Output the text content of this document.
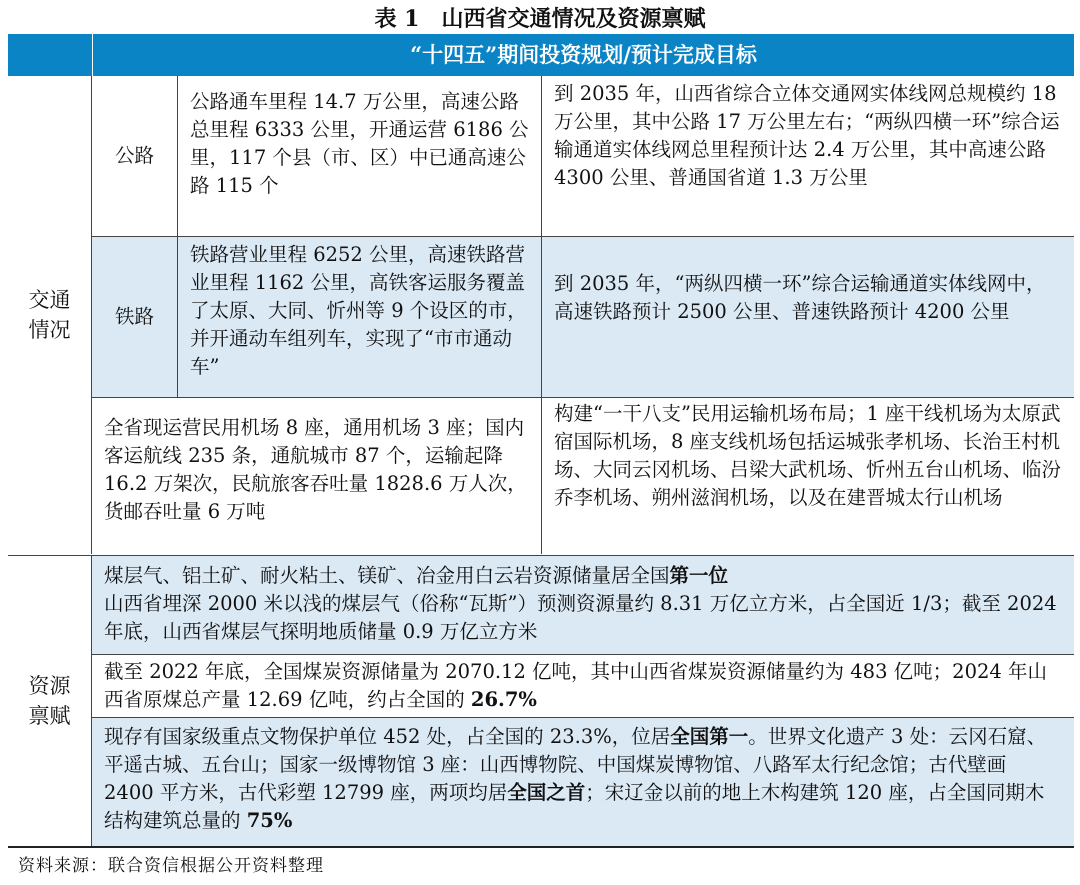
表 1　山西省交通情况及资源禀赋
“十四五”期间投资规划/预计完成目标
交通情况
公路
公路通车里程 14.7 万公里，高速公路总里程 6333 公里，开通运营 6186 公里，117 个县（市、区）中已通高速公路 115 个
到 2035 年，山西省综合立体交通网实体线网总规模约 18 万公里，其中公路 17 万公里左右；“两纵四横一环”综合运输通道实体线网总里程预计达 2.4 万公里，其中高速公路 4300 公里、普通国省道 1.3 万公里
铁路
铁路营业里程 6252 公里，高速铁路营业里程 1162 公里，高铁客运服务覆盖了太原、大同、忻州等 9 个设区的市，并开通动车组列车，实现了“市市通动车”
到 2035 年，“两纵四横一环”综合运输通道实体线网中，高速铁路预计 2500 公里、普速铁路预计 4200 公里
全省现运营民用机场 8 座，通用机场 3 座；国内客运航线 235 条，通航城市 87 个，运输起降 16.2 万架次，民航旅客吞吐量 1828.6 万人次，货邮吞吐量 6 万吨
构建“一干八支”民用运输机场布局；1 座干线机场为太原武宿国际机场，8 座支线机场包括运城张孝机场、长治王村机场、大同云冈机场、吕梁大武机场、忻州五台山机场、临汾乔李机场、朔州滋润机场，以及在建晋城太行山机场
资源禀赋
煤层气、铝土矿、耐火粘土、镁矿、冶金用白云岩资源储量居全国第一位
山西省埋深 2000 米以浅的煤层气（俗称“瓦斯”）预测资源量约 8.31 万亿立方米，占全国近 1/3；截至 2024 年底，山西省煤层气探明地质储量 0.9 万亿立方米
截至 2022 年底，全国煤炭资源储量为 2070.12 亿吨，其中山西省煤炭资源储量约为 483 亿吨；2024 年山西省原煤总产量 12.69 亿吨，约占全国的 26.7%
现存有国家级重点文物保护单位 452 处，占全国的 23.3%，位居全国第一。世界文化遗产 3 处：云冈石窟、平遥古城、五台山；国家一级博物馆 3 座：山西博物院、中国煤炭博物馆、八路军太行纪念馆；古代壁画 2400 平方米，古代彩塑 12799 座，两项均居全国之首；宋辽金以前的地上木构建筑 120 座，占全国同期木结构建筑总量的 75%
资料来源：联合资信根据公开资料整理
